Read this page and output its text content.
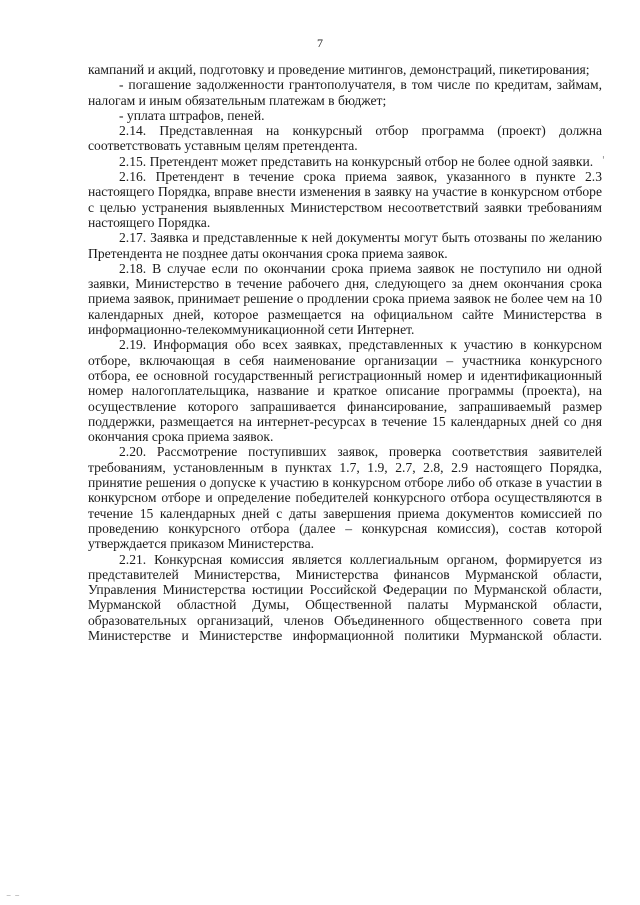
7

кампаний и акций, подготовку и проведение митингов, демонстраций, пикетирования;

- погашение задолженности грантополучателя, в том числе по кредитам, займам, налогам и иным обязательным платежам в бюджет;

- уплата штрафов, пеней.

2.14. Представленная на конкурсный отбор программа (проект) должна соответствовать уставным целям претендента.

2.15. Претендент может представить на конкурсный отбор не более одной заявки.

2.16. Претендент в течение срока приема заявок, указанного в пункте 2.3 настоящего Порядка, вправе внести изменения в заявку на участие в конкурсном отборе с целью устранения выявленных Министерством несоответствий заявки требованиям настоящего Порядка.

2.17. Заявка и представленные к ней документы могут быть отозваны по желанию Претендента не позднее даты окончания срока приема заявок.

2.18. В случае если по окончании срока приема заявок не поступило ни одной заявки, Министерство в течение рабочего дня, следующего за днем окончания срока приема заявок, принимает решение о продлении срока приема заявок не более чем на 10 календарных дней, которое размещается на официальном сайте Министерства в информационно-телекоммуникационной сети Интернет.

2.19. Информация обо всех заявках, представленных к участию в конкурсном отборе, включающая в себя наименование организации – участника конкурсного отбора, ее основной государственный регистрационный номер и идентификационный номер налогоплательщика, название и краткое описание программы (проекта), на осуществление которого запрашивается финансирование, запрашиваемый размер поддержки, размещается на интернет-ресурсах в течение 15 календарных дней со дня окончания срока приема заявок.

2.20. Рассмотрение поступивших заявок, проверка соответствия заявителей требованиям, установленным в пунктах 1.7, 1.9, 2.7, 2.8, 2.9 настоящего Порядка, принятие решения о допуске к участию в конкурсном отборе либо об отказе в участии в конкурсном отборе и определение победителей конкурсного отбора осуществляются в течение 15 календарных дней с даты завершения приема документов комиссией по проведению конкурсного отбора (далее – конкурсная комиссия), состав которой утверждается приказом Министерства.

2.21. Конкурсная комиссия является коллегиальным органом, формируется из представителей Министерства, Министерства финансов Мурманской области, Управления Министерства юстиции Российской Федерации по Мурманской области, Мурманской областной Думы, Общественной палаты Мурманской области, образовательных организаций, членов Объединенного общественного совета при Министерстве и Министерстве информационной политики Мурманской области.

⁻ ⁻
'
